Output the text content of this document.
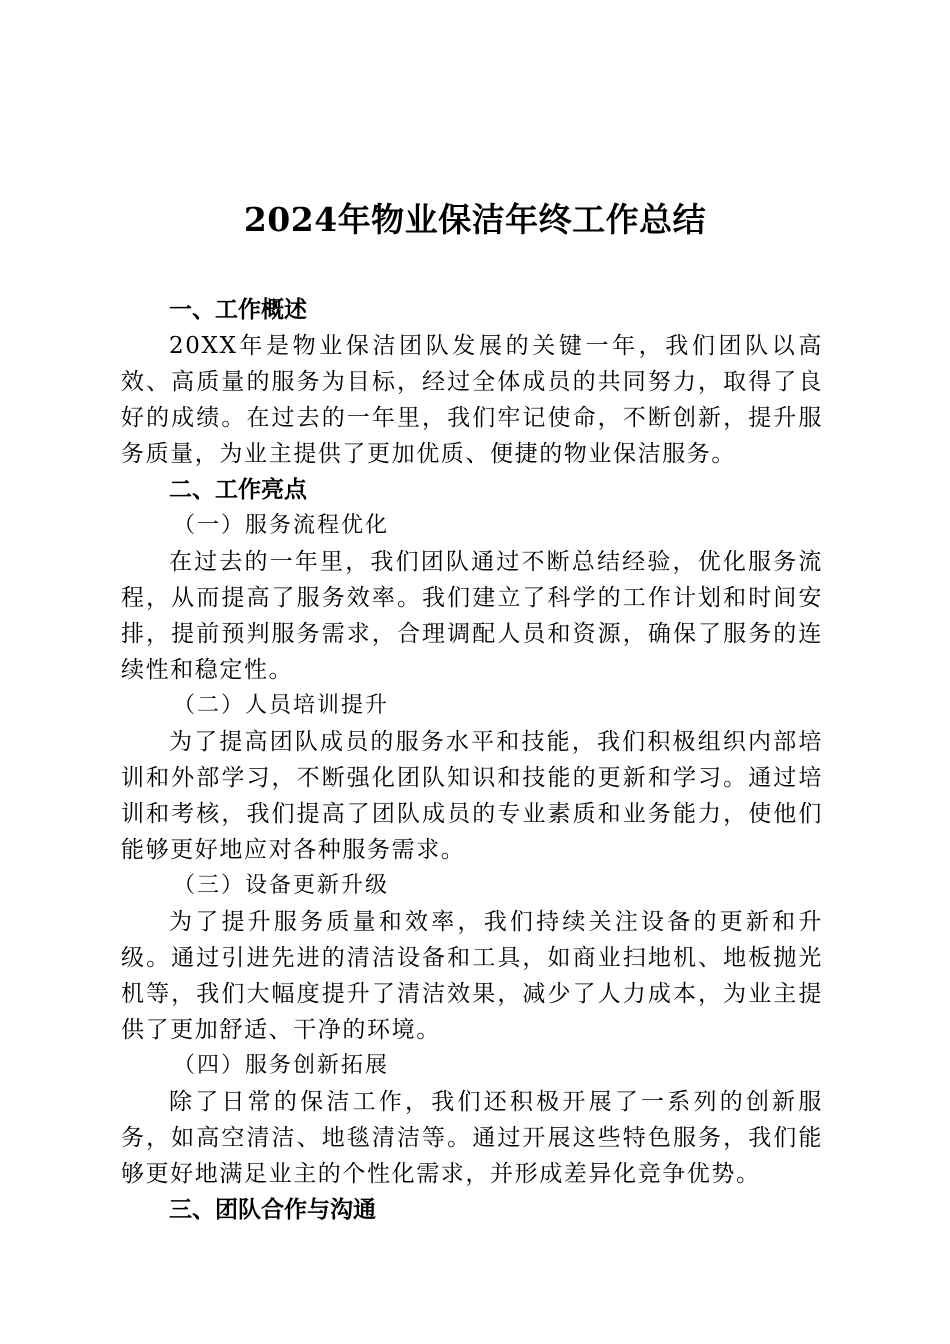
2024年物业保洁年终工作总结

一、工作概述

20XX年是物业保洁团队发展的关键一年，我们团队以高效、高质量的服务为目标，经过全体成员的共同努力，取得了良好的成绩。在过去的一年里，我们牢记使命，不断创新，提升服务质量，为业主提供了更加优质、便捷的物业保洁服务。

二、工作亮点

（一）服务流程优化

在过去的一年里，我们团队通过不断总结经验，优化服务流程，从而提高了服务效率。我们建立了科学的工作计划和时间安排，提前预判服务需求，合理调配人员和资源，确保了服务的连续性和稳定性。

（二）人员培训提升

为了提高团队成员的服务水平和技能，我们积极组织内部培训和外部学习，不断强化团队知识和技能的更新和学习。通过培训和考核，我们提高了团队成员的专业素质和业务能力，使他们能够更好地应对各种服务需求。

（三）设备更新升级

为了提升服务质量和效率，我们持续关注设备的更新和升级。通过引进先进的清洁设备和工具，如商业扫地机、地板抛光机等，我们大幅度提升了清洁效果，减少了人力成本，为业主提供了更加舒适、干净的环境。

（四）服务创新拓展

除了日常的保洁工作，我们还积极开展了一系列的创新服务，如高空清洁、地毯清洁等。通过开展这些特色服务，我们能够更好地满足业主的个性化需求，并形成差异化竞争优势。

三、团队合作与沟通
